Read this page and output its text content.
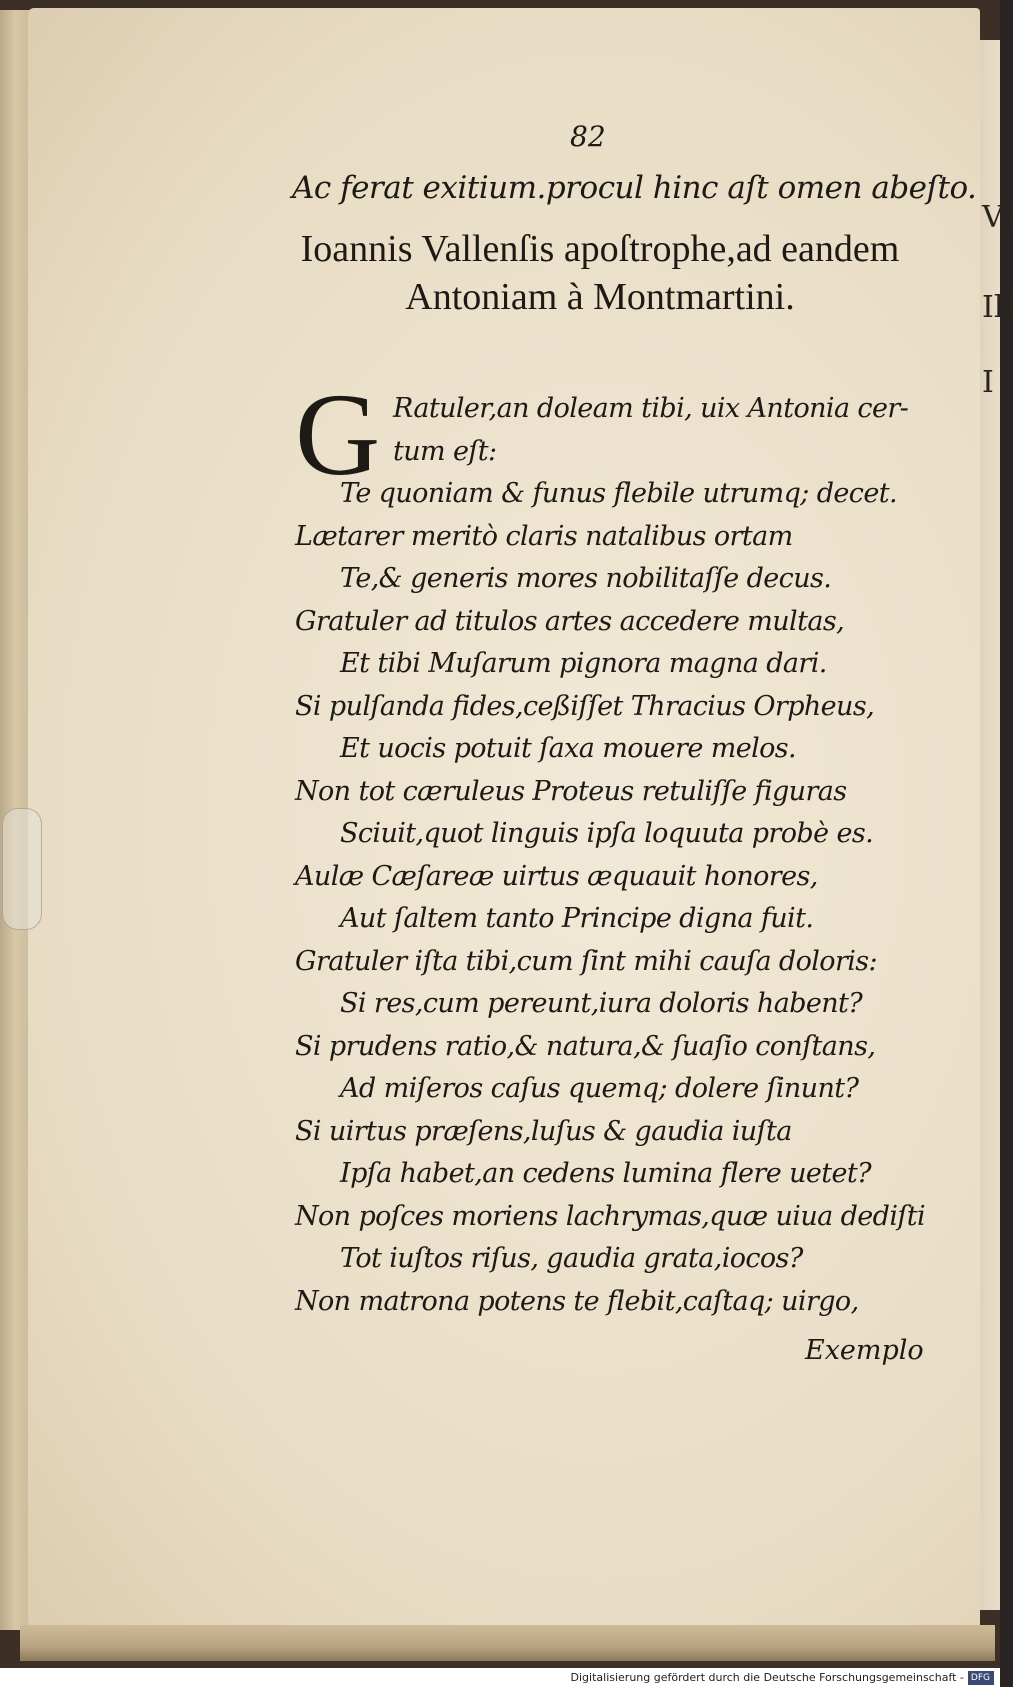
Vi
Ill
I
82
Ac ferat exitium.procul hinc aſt omen abeſto.
Ioannis Vallenſis apoſtrophe,ad eandem Antoniam à Montmartini.
G Ratuler,an doleam tibi, uix Antonia cer-
tum eſt:
Te quoniam & funus flebile utrumq; decet.
Lætarer meritò claris natalibus ortam
Te,& generis mores nobilitaſſe decus.
Gratuler ad titulos artes accedere multas,
Et tibi Muſarum pignora magna dari.
Si pulſanda fides,ceßiſſet Thracius Orpheus,
Et uocis potuit ſaxa mouere melos.
Non tot cæruleus Proteus retuliſſe figuras
Sciuit,quot linguis ipſa loquuta probè es.
Aulæ Cæſareæ uirtus æquauit honores,
Aut ſaltem tanto Principe digna fuit.
Gratuler iſta tibi,cum ſint mihi cauſa doloris:
Si res,cum pereunt,iura doloris habent?
Si prudens ratio,& natura,& ſuaſio conſtans,
Ad miſeros caſus quemq; dolere ſinunt?
Si uirtus præſens,luſus & gaudia iuſta
Ipſa habet,an cedens lumina flere uetet?
Non poſces moriens lachrymas,quæ uiua dediſti
Tot iuſtos riſus, gaudia grata,iocos?
Non matrona potens te flebit,caſtaq; uirgo,
Exemplo
Digitalisierung gefördert durch die Deutsche Forschungsgemeinschaft - DFG
